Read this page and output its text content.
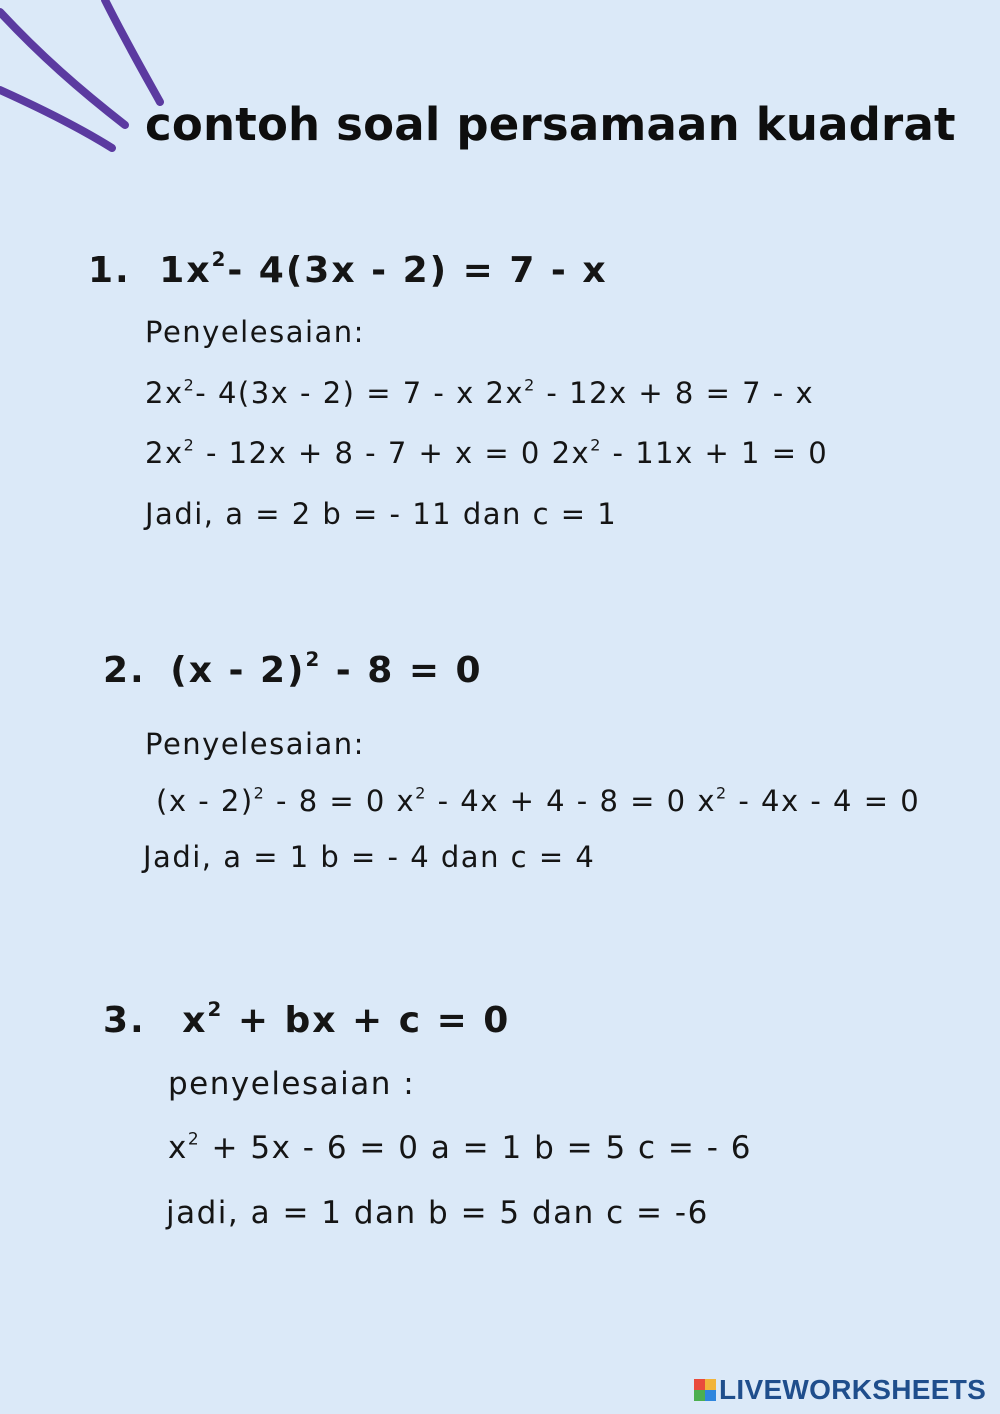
contoh soal persamaan kuadrat
1. $1x^2-$ 4(3x - 2) = 7 - x
Penyelesaian:
$2x^2-$ 4(3x - 2) = 7 - x $2x^2 - 12x + 8 = 7 - x$
$2x^2 - 12x + 8 - 7 + x = 0$ $2x^2 - 11x + 1 = 0$
Jadi, a = 2 b = - 11 dan c = 1
2. (x - 2)$^2$ - 8 = 0
Penyelesaian:
(x - 2)$^2$ - 8 = 0 $x^2 - 4x + 4 - 8 = 0$ $x^2 - 4x - 4 = 0$
Jadi, a = 1 b = - 4 dan c = 4
3. $x^2$ + bx + c = 0
penyelesaian :
$x^2 + 5x - 6 = 0$ a = 1 b = 5 c = - 6
jadi, a = 1 dan b = 5 dan c = -6
LIVEWORKSHEETS
